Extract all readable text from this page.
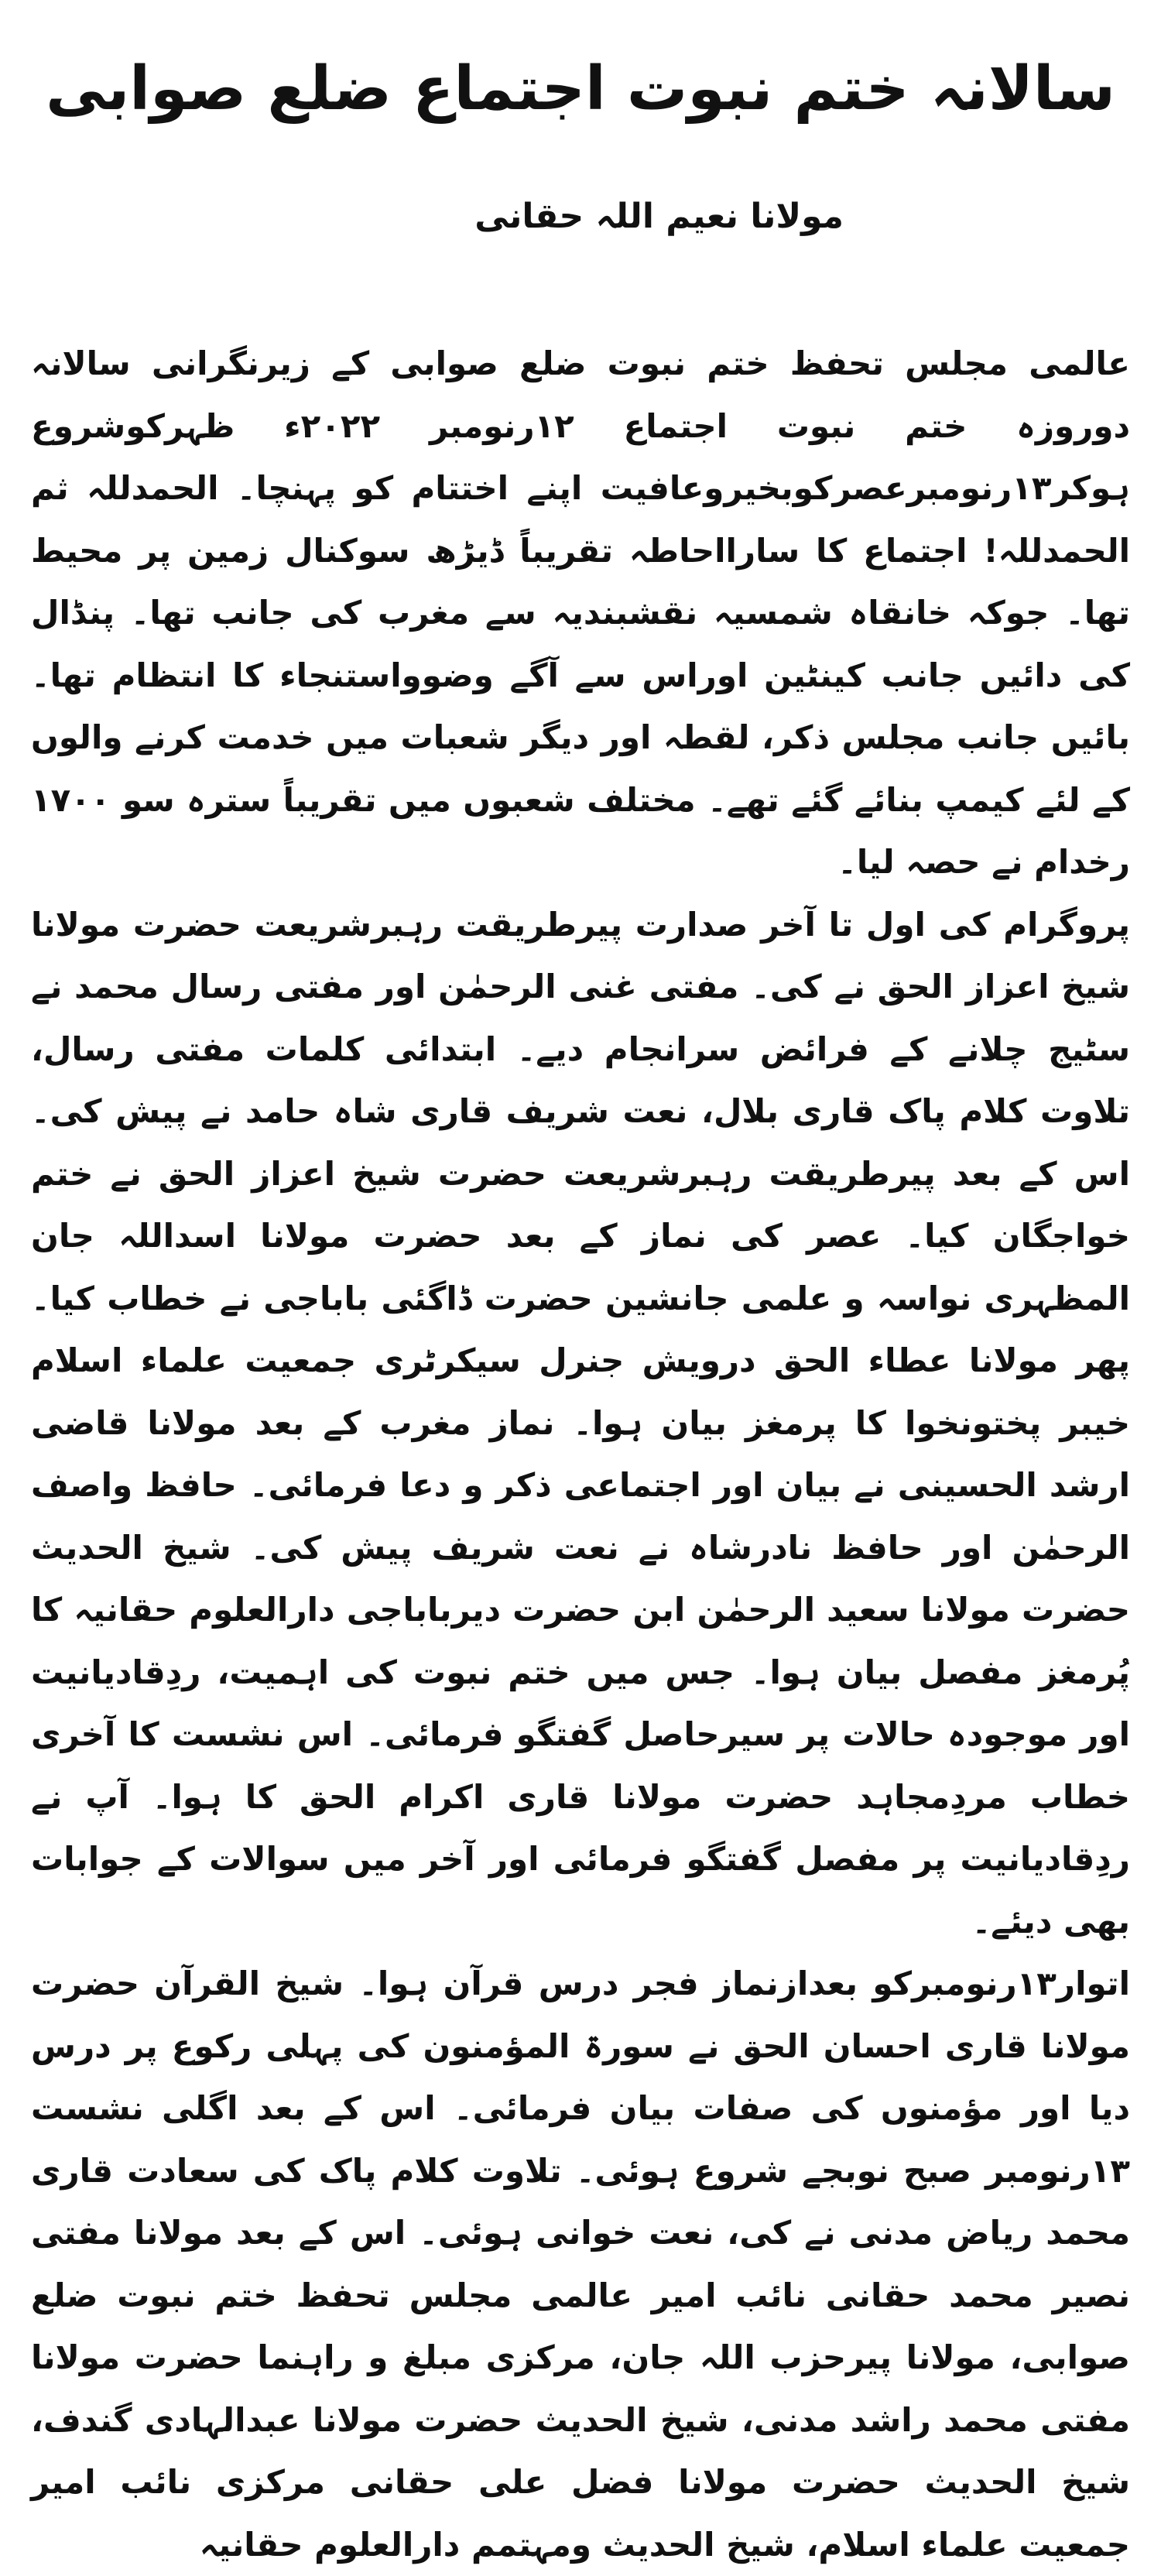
سالانہ ختم نبوت اجتماع ضلع صوابی
مولانا نعیم اللہ حقانی

عالمی مجلس تحفظ ختم نبوت ضلع صوابی کے زیرنگرانی سالانہ دوروزہ ختم نبوت اجتماع ۱۲رنومبر ۲۰۲۲ء ظہرکوشروع ہوکر۱۳رنومبرعصرکوبخیروعافیت اپنے اختتام کو پہنچا۔ الحمدللہ ثم الحمدللہ! اجتماع کا سارااحاطہ تقریباً ڈیڑھ سوکنال زمین پر محیط تھا۔ جوکہ خانقاہ شمسیہ نقشبندیہ سے مغرب کی جانب تھا۔ پنڈال کی دائیں جانب کینٹین اوراس سے آگے وضوواستنجاء کا انتظام تھا۔ بائیں جانب مجلس ذکر، لقطہ اور دیگر شعبات میں خدمت کرنے والوں کے لئے کیمپ بنائے گئے تھے۔ مختلف شعبوں میں تقریباً سترہ سو ۱۷۰۰ رخدام نے حصہ لیا۔

پروگرام کی اول تا آخر صدارت پیرطریقت رہبرشریعت حضرت مولانا شیخ اعزاز الحق نے کی۔ مفتی غنی الرحمٰن اور مفتی رسال محمد نے سٹیج چلانے کے فرائض سرانجام دیے۔ ابتدائی کلمات مفتی رسال، تلاوت کلام پاک قاری بلال، نعت شریف قاری شاہ حامد نے پیش کی۔ اس کے بعد پیرطریقت رہبرشریعت حضرت شیخ اعزاز الحق نے ختم خواجگان کیا۔ عصر کی نماز کے بعد حضرت مولانا اسداللہ جان المظہری نواسہ و علمی جانشین حضرت ڈاگئی باباجی نے خطاب کیا۔ پھر مولانا عطاء الحق درویش جنرل سیکرٹری جمعیت علماء اسلام خیبر پختونخوا کا پرمغز بیان ہوا۔ نماز مغرب کے بعد مولانا قاضی ارشد الحسینی نے بیان اور اجتماعی ذکر و دعا فرمائی۔ حافظ واصف الرحمٰن اور حافظ نادرشاہ نے نعت شریف پیش کی۔ شیخ الحدیث حضرت مولانا سعید الرحمٰن ابن حضرت دیرباباجی دارالعلوم حقانیہ کا پُرمغز مفصل بیان ہوا۔ جس میں ختم نبوت کی اہمیت، ردِقادیانیت اور موجودہ حالات پر سیرحاصل گفتگو فرمائی۔ اس نشست کا آخری خطاب مردِمجاہد حضرت مولانا قاری اکرام الحق کا ہوا۔ آپ نے ردِقادیانیت پر مفصل گفتگو فرمائی اور آخر میں سوالات کے جوابات بھی دیئے۔

اتوار۱۳رنومبرکو بعدازنماز فجر درس قرآن ہوا۔ شیخ القرآن حضرت مولانا قاری احسان الحق نے سورۃ المؤمنون کی پہلی رکوع پر درس دیا اور مؤمنوں کی صفات بیان فرمائی۔ اس کے بعد اگلی نشست ۱۳رنومبر صبح نوبجے شروع ہوئی۔ تلاوت کلام پاک کی سعادت قاری محمد ریاض مدنی نے کی، نعت خوانی ہوئی۔ اس کے بعد مولانا مفتی نصیر محمد حقانی نائب امیر عالمی مجلس تحفظ ختم نبوت ضلع صوابی، مولانا پیرحزب اللہ جان، مرکزی مبلغ و راہنما حضرت مولانا مفتی محمد راشد مدنی، شیخ الحدیث حضرت مولانا عبدالہادی گندف، شیخ الحدیث حضرت مولانا فضل علی حقانی مرکزی نائب امیر جمعیت علماء اسلام، شیخ الحدیث ومہتمم دارالعلوم حقانیہ
